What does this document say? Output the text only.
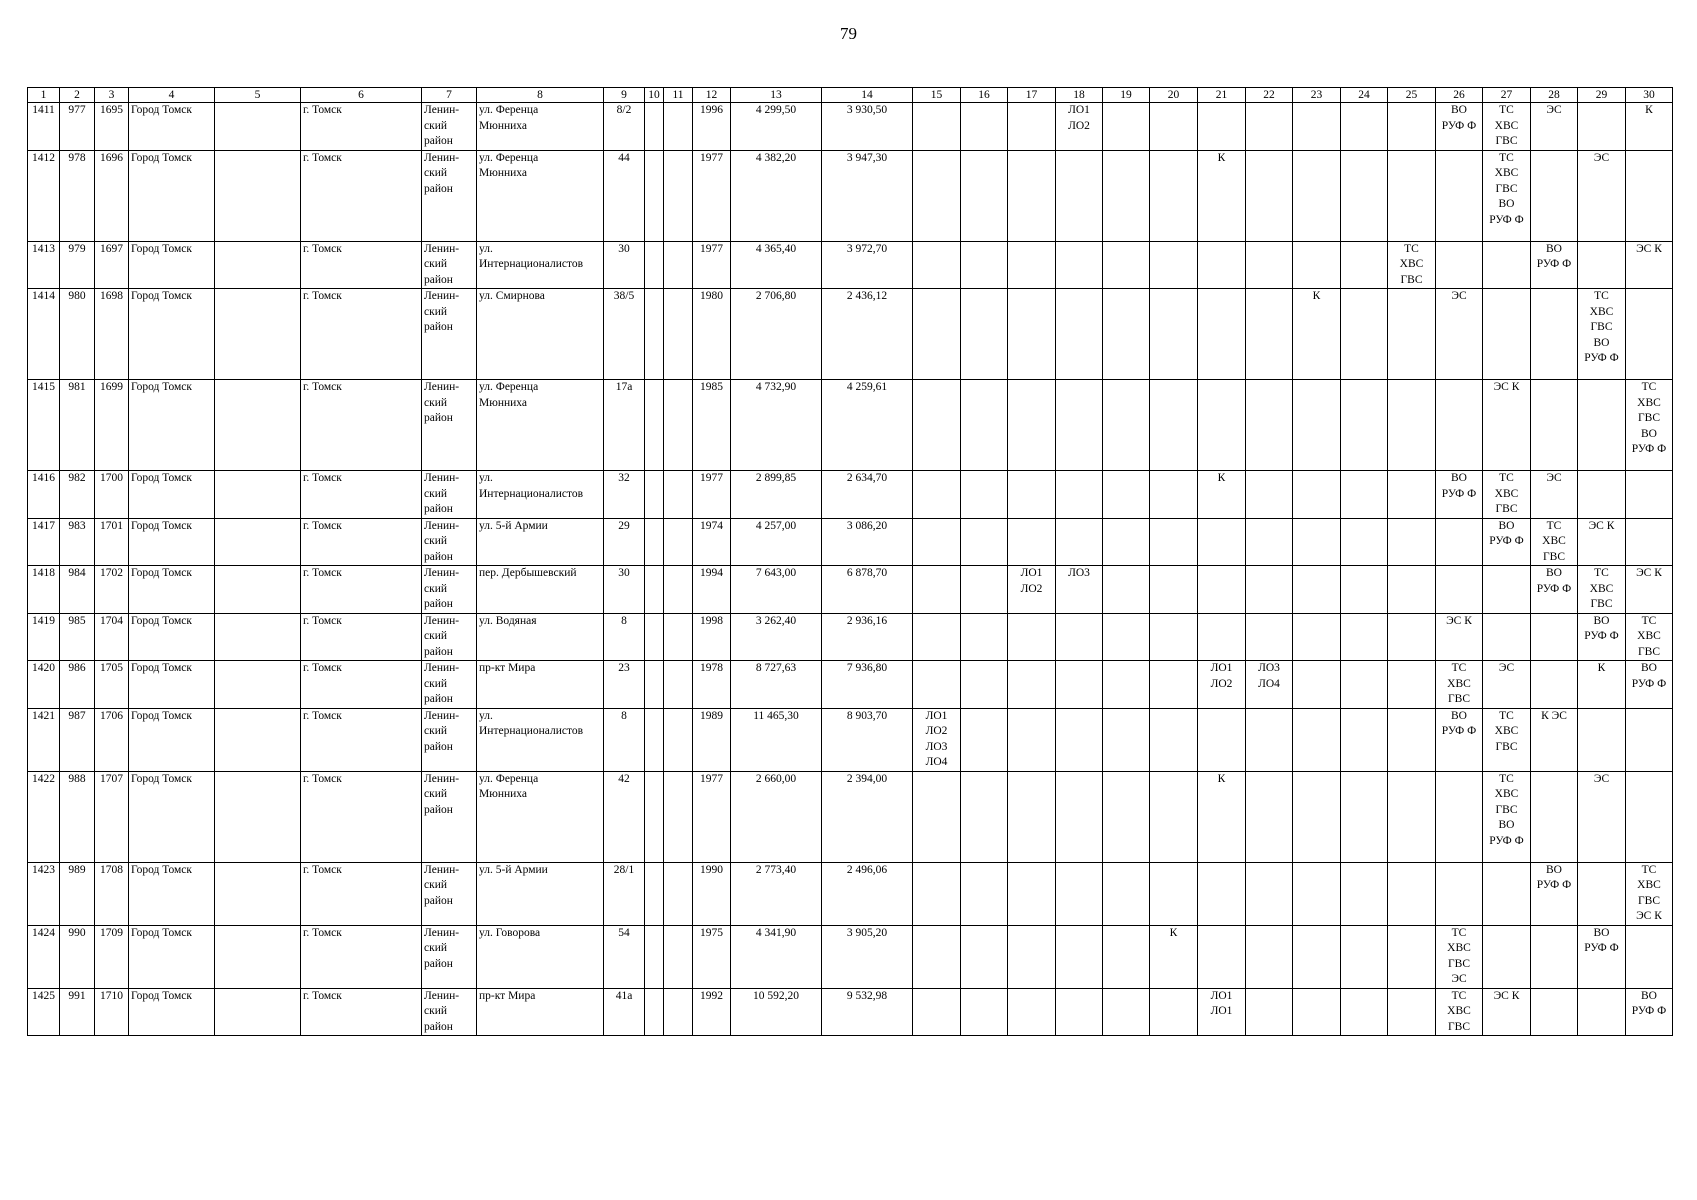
79
1	2	3	4	5	6	7	8	9	10	11	12	13	14	15	16	17	18	19	20	21	22	23	24	25	26	27	28	29	30
1411	977	1695	Город Томск		г. Томск	Ленин-
ский
район	ул. Ференца
Мюнниха	8/2			1996	4 299,50	3 930,50				ЛО1
ЛО2								ВО
РУФ Ф	ТС
ХВС
ГВС	ЭС		К
1412	978	1696	Город Томск		г. Томск	Ленин-
ский
район	ул. Ференца
Мюнниха	44			1977	4 382,20	3 947,30							К						ТС
ХВС
ГВС
ВО
РУФ Ф		ЭС	
1413	979	1697	Город Томск		г. Томск	Ленин-
ский
район	ул.
Интернационалистов	30			1977	4 365,40	3 972,70											ТС
ХВС
ГВС			ВО
РУФ Ф		ЭС К
1414	980	1698	Город Томск		г. Томск	Ленин-
ский
район	ул. Смирнова	38/5			1980	2 706,80	2 436,12									К			ЭС			ТС
ХВС
ГВС
ВО
РУФ Ф	
1415	981	1699	Город Томск		г. Томск	Ленин-
ский
район	ул. Ференца
Мюнниха	17а			1985	4 732,90	4 259,61													ЭС К			ТС
ХВС
ГВС
ВО
РУФ Ф
1416	982	1700	Город Томск		г. Томск	Ленин-
ский
район	ул.
Интернационалистов	32			1977	2 899,85	2 634,70							К					ВО
РУФ Ф	ТС
ХВС
ГВС	ЭС		
1417	983	1701	Город Томск		г. Томск	Ленин-
ский
район	ул. 5-й Армии	29			1974	4 257,00	3 086,20													ВО
РУФ Ф	ТС
ХВС
ГВС	ЭС К	
1418	984	1702	Город Томск		г. Томск	Ленин-
ский
район	пер. Дербышевский	30			1994	7 643,00	6 878,70			ЛО1
ЛО2	ЛО3										ВО
РУФ Ф	ТС
ХВС
ГВС	ЭС К
1419	985	1704	Город Томск		г. Томск	Ленин-
ский
район	ул. Водяная	8			1998	3 262,40	2 936,16												ЭС К			ВО
РУФ Ф	ТС
ХВС
ГВС
1420	986	1705	Город Томск		г. Томск	Ленин-
ский
район	пр-кт Мира	23			1978	8 727,63	7 936,80							ЛО1
ЛО2	ЛО3
ЛО4				ТС
ХВС
ГВС	ЭС		К	ВО
РУФ Ф
1421	987	1706	Город Томск		г. Томск	Ленин-
ский
район	ул.
Интернационалистов	8			1989	11 465,30	8 903,70	ЛО1
ЛО2
ЛО3
ЛО4											ВО
РУФ Ф	ТС
ХВС
ГВС	К ЭС		
1422	988	1707	Город Томск		г. Томск	Ленин-
ский
район	ул. Ференца
Мюнниха	42			1977	2 660,00	2 394,00							К						ТС
ХВС
ГВС
ВО
РУФ Ф		ЭС	
1423	989	1708	Город Томск		г. Томск	Ленин-
ский
район	ул. 5-й Армии	28/1			1990	2 773,40	2 496,06														ВО
РУФ Ф		ТС
ХВС
ГВС
ЭС К
1424	990	1709	Город Томск		г. Томск	Ленин-
ский
район	ул. Говорова	54			1975	4 341,90	3 905,20						К						ТС
ХВС
ГВС
ЭС			ВО
РУФ Ф	
1425	991	1710	Город Томск		г. Томск	Ленин-
ский
район	пр-кт Мира	41а			1992	10 592,20	9 532,98							ЛО1
ЛО1					ТС
ХВС
ГВС	ЭС К			ВО
РУФ Ф
